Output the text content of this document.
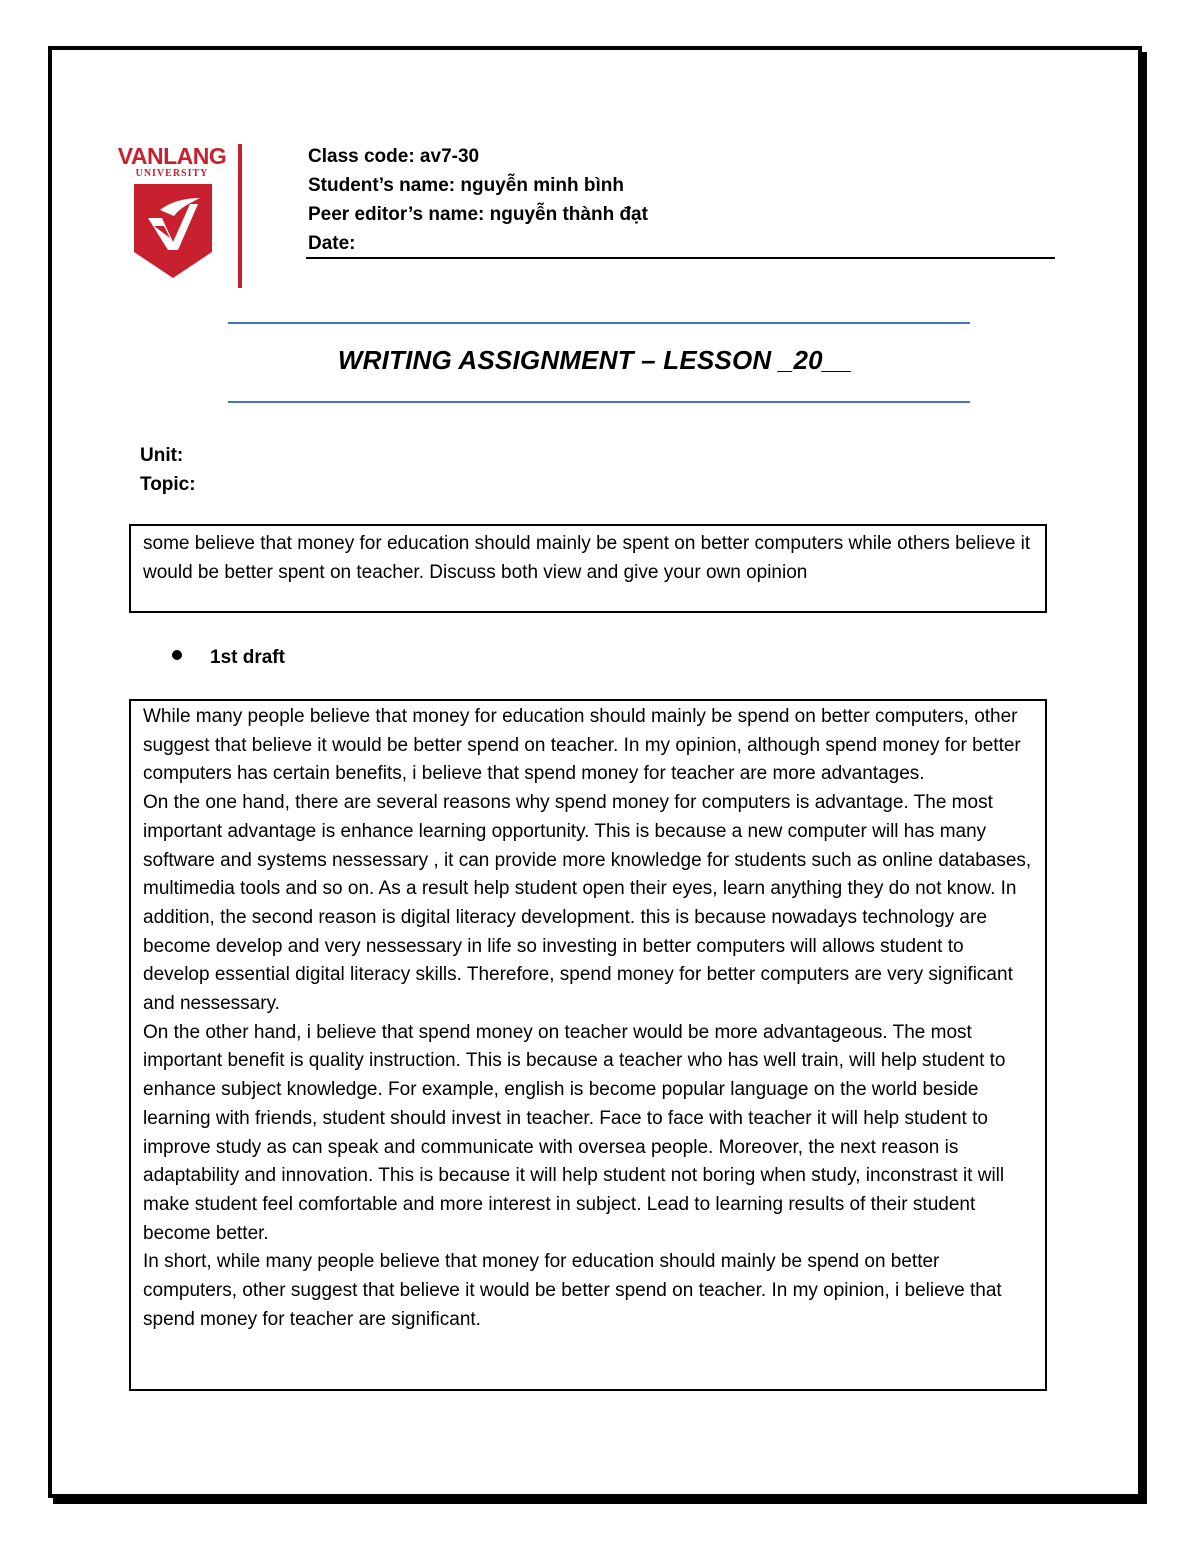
VANLANG
UNIVERSITY
Class code: av7-30
Student’s name: nguyễn minh bình
Peer editor’s name: nguyễn thành đạt
Date:
WRITING ASSIGNMENT – LESSON _20__
Unit:
Topic:
some believe that money for education should mainly be spent on better computers while others believe it would be better spent on teacher. Discuss both view and give your own opinion
1st draft

While many people believe that money for education should mainly be spend on better computers, other suggest that believe it would be better spend on teacher. In my opinion, although spend money for better computers has certain benefits, i believe that spend money for teacher are more advantages.

On the one hand, there are several reasons why spend money for computers is advantage. The most important advantage is enhance learning opportunity. This is because a new computer will has many software and systems nessessary , it can provide more knowledge for students such as online databases, multimedia tools and so on. As a result help student open their eyes, learn anything they do not know. In addition, the second reason is digital literacy development. this is because nowadays technology are become develop and very nessessary in life so investing in better computers will allows student to develop essential digital literacy skills. Therefore, spend money for better computers are very significant and nessessary.

On the other hand, i believe that spend money on teacher would be more advantageous. The most important benefit is quality instruction. This is because a teacher who has well train, will help student to enhance subject knowledge. For example, english is become popular language on the world beside learning with friends, student should invest in teacher. Face to face with teacher it will help student to improve study as can speak and communicate with oversea people. Moreover, the next reason is adaptability and innovation. This is because it will help student not boring when study, inconstrast it will make student feel comfortable and more interest in subject. Lead to learning results of their student become better.

In short, while many people believe that money for education should mainly be spend on better computers, other suggest that believe it would be better spend on teacher. In my opinion, i believe that spend money for teacher are significant.
